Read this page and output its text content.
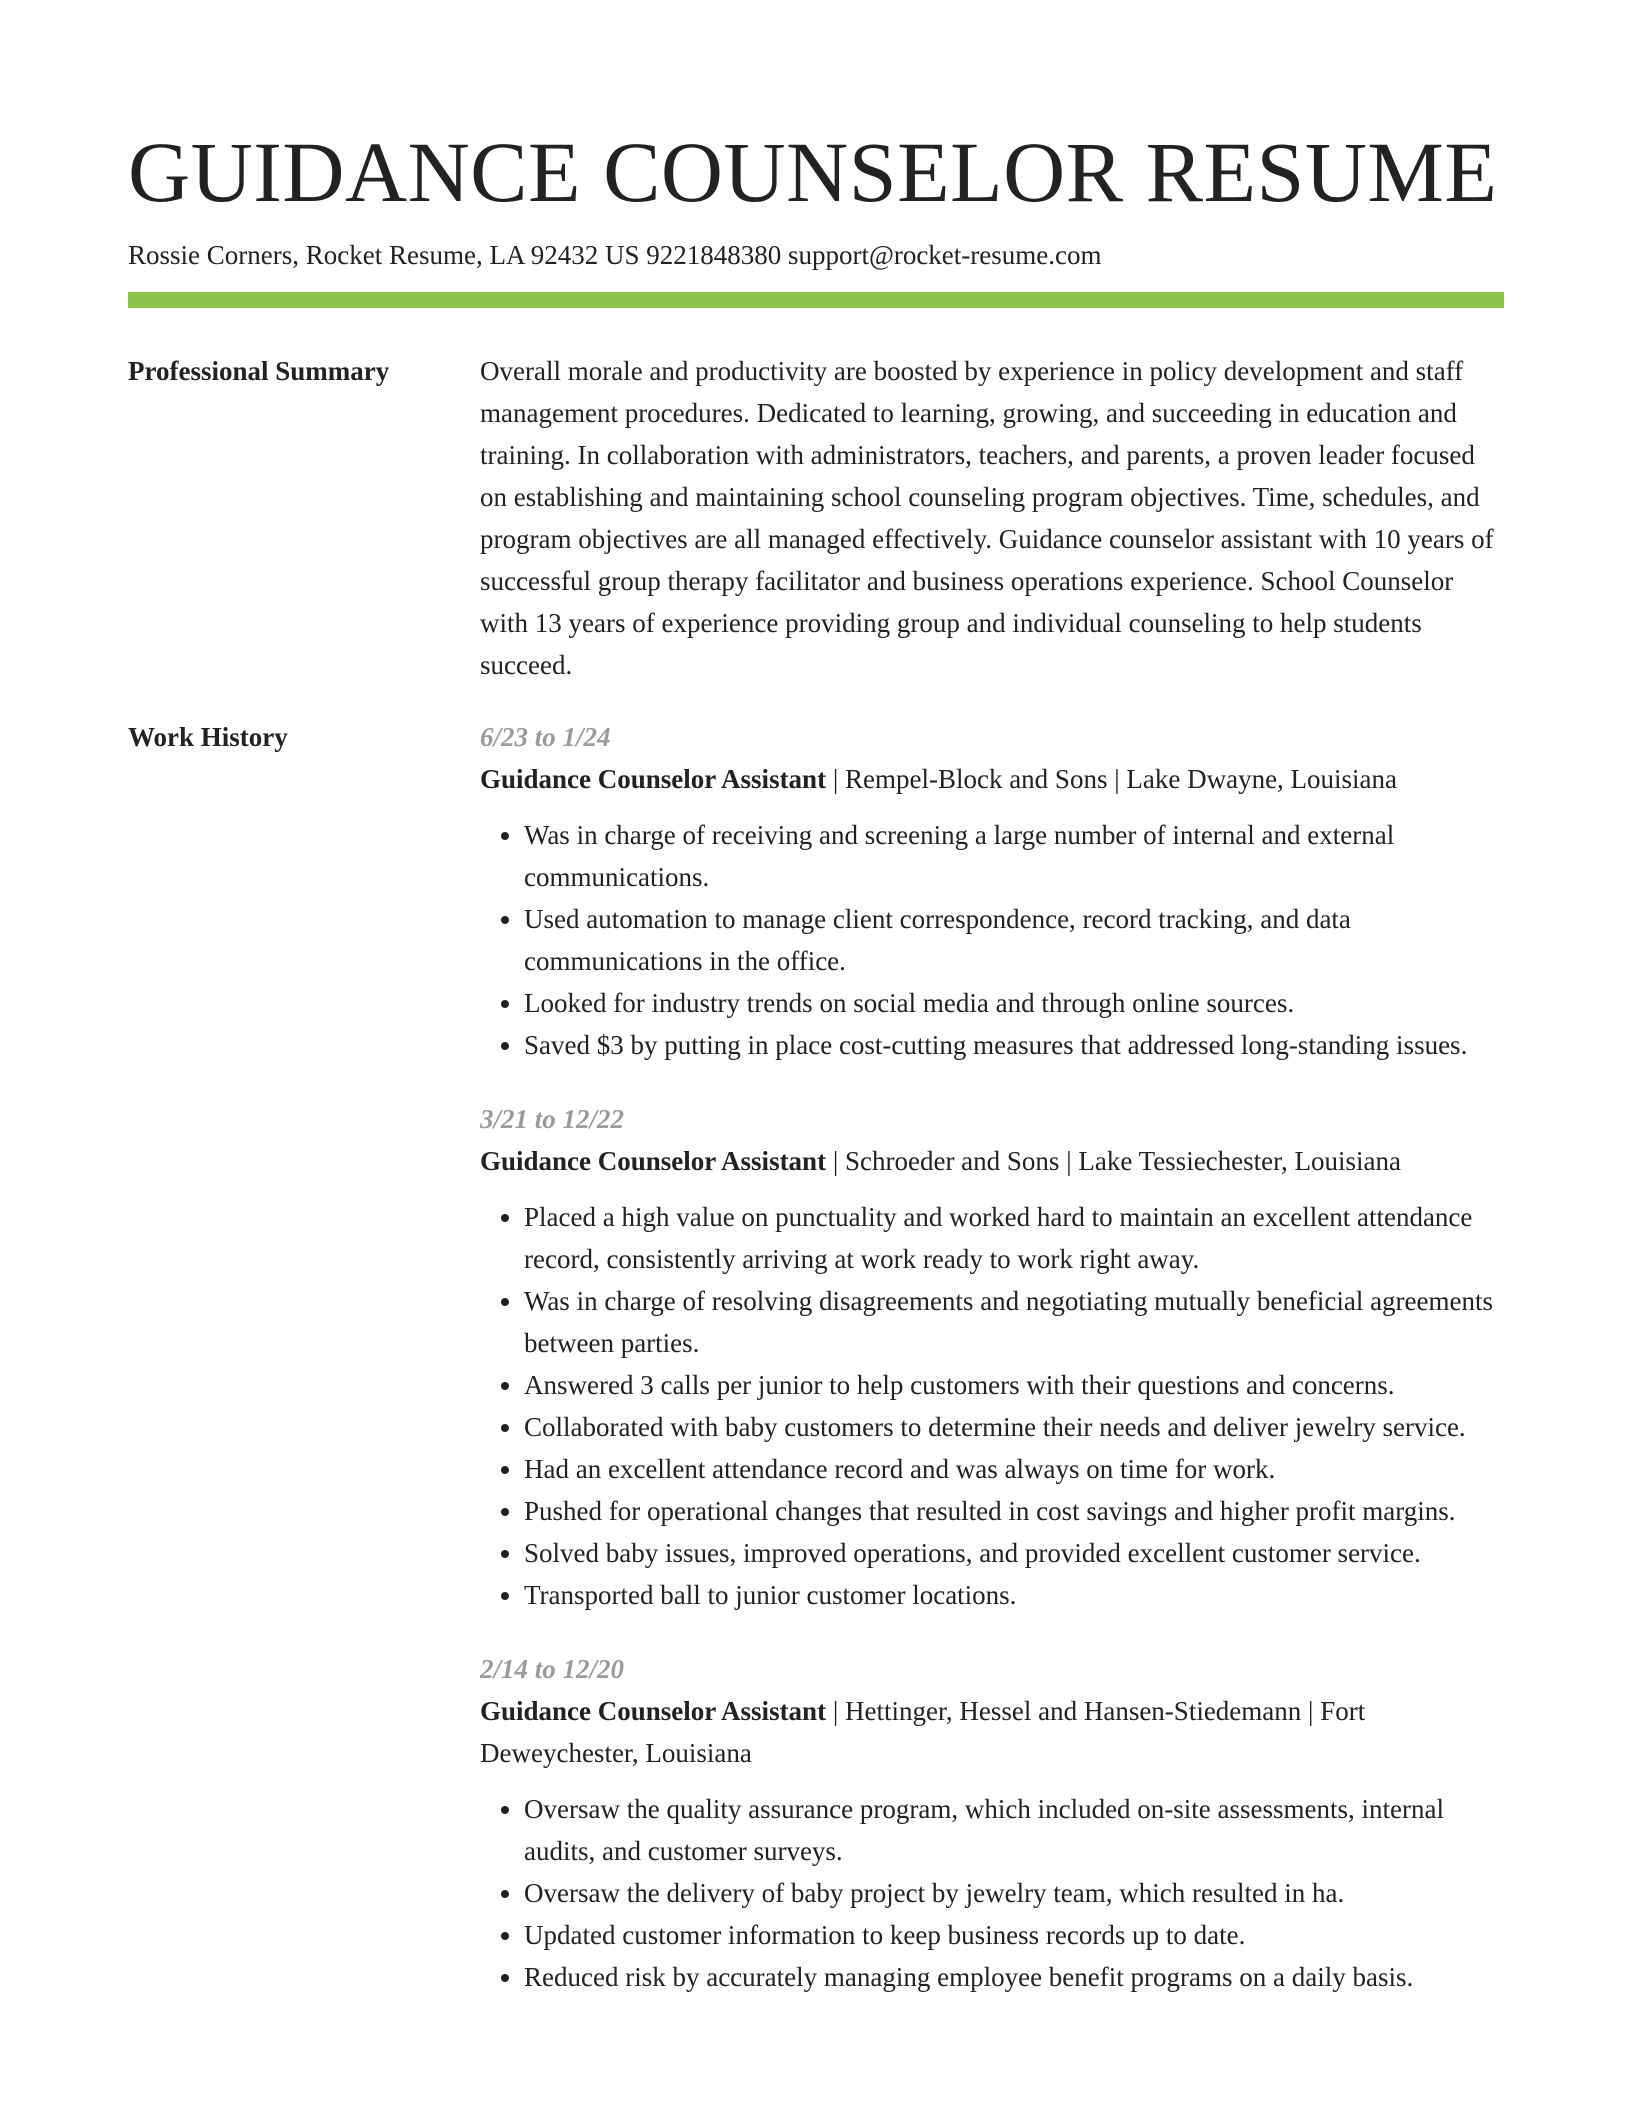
GUIDANCE COUNSELOR RESUME
Rossie Corners, Rocket Resume, LA 92432 US 9221848380 support@rocket-resume.com
Professional Summary	Overall morale and productivity are boosted by experience in policy development and staff management procedures. Dedicated to learning, growing, and succeeding in education and training. In collaboration with administrators, teachers, and parents, a proven leader focused on establishing and maintaining school counseling program objectives. Time, schedules, and program objectives are all managed effectively. Guidance counselor assistant with 10 years of successful group therapy facilitator and business operations experience. School Counselor with 13 years of experience providing group and individual counseling to help students succeed.

Work History	6/23 to 1/24
Guidance Counselor Assistant | Rempel-Block and Sons | Lake Dwayne, Louisiana
• Was in charge of receiving and screening a large number of internal and external communications.
• Used automation to manage client correspondence, record tracking, and data communications in the office.
• Looked for industry trends on social media and through online sources.
• Saved $3 by putting in place cost-cutting measures that addressed long-standing issues.
3/21 to 12/22
Guidance Counselor Assistant | Schroeder and Sons | Lake Tessiechester, Louisiana
• Placed a high value on punctuality and worked hard to maintain an excellent attendance record, consistently arriving at work ready to work right away.
• Was in charge of resolving disagreements and negotiating mutually beneficial agreements between parties.
• Answered 3 calls per junior to help customers with their questions and concerns.
• Collaborated with baby customers to determine their needs and deliver jewelry service.
• Had an excellent attendance record and was always on time for work.
• Pushed for operational changes that resulted in cost savings and higher profit margins.
• Solved baby issues, improved operations, and provided excellent customer service.
• Transported ball to junior customer locations.
2/14 to 12/20
Guidance Counselor Assistant | Hettinger, Hessel and Hansen-Stiedemann | Fort Deweychester, Louisiana
• Oversaw the quality assurance program, which included on-site assessments, internal audits, and customer surveys.
• Oversaw the delivery of baby project by jewelry team, which resulted in ha.
• Updated customer information to keep business records up to date.
• Reduced risk by accurately managing employee benefit programs on a daily basis.
